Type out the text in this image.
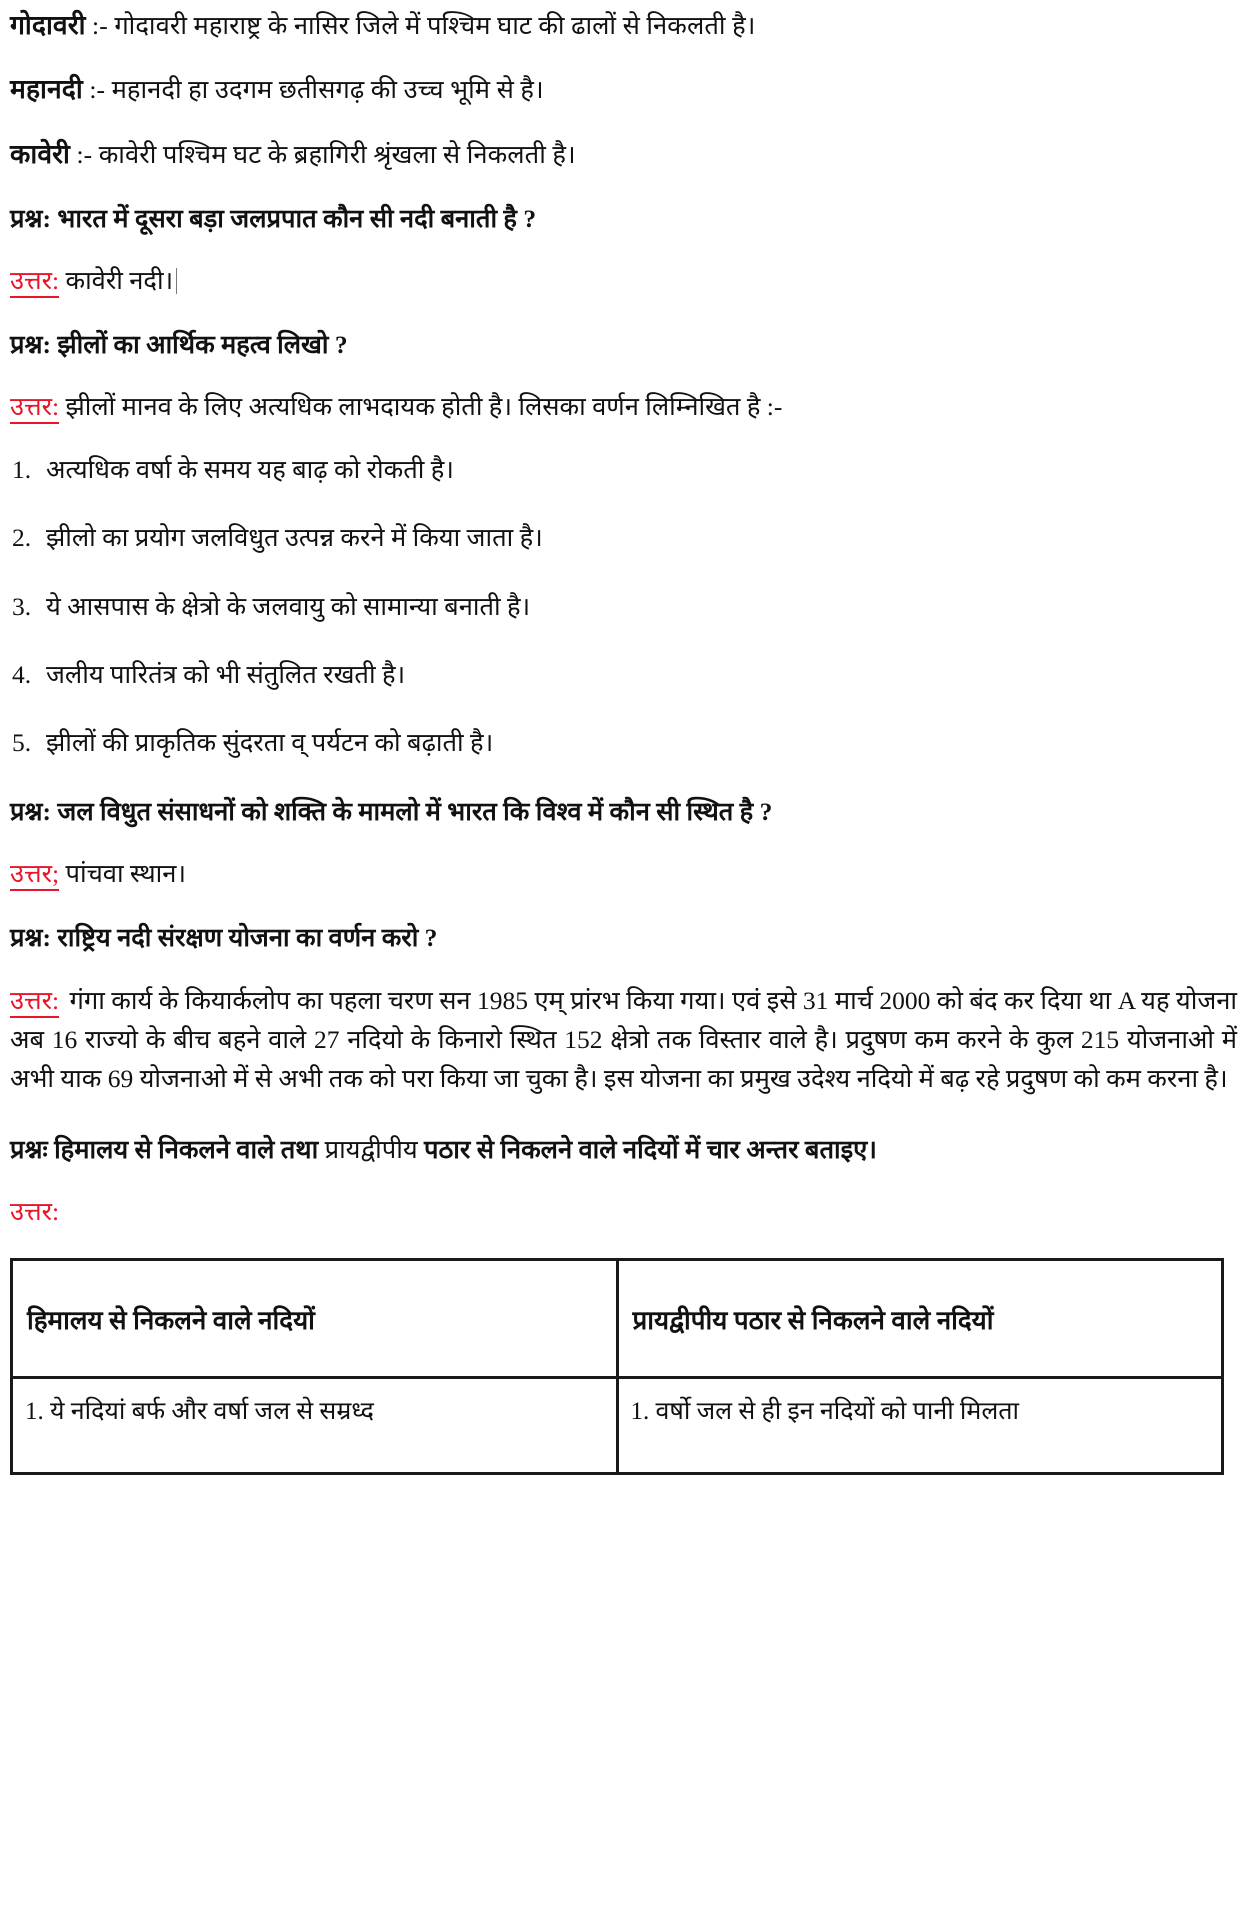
गोदावरी :- गोदावरी महाराष्ट्र के नासिर जिले में पश्चिम घाट की ढालों से निकलती है।

महानदी :- महानदी हा उदगम छतीसगढ़ की उच्च भूमि से है।

कावेरी :- कावेरी पश्चिम घट के ब्रहागिरी श्रृंखला से निकलती है।

प्रश्न: भारत में दूसरा बड़ा जलप्रपात कौन सी नदी बनाती है ?

उत्तर: कावेरी नदी।

प्रश्न: झीलों का आर्थिक महत्व लिखो ?

उत्तर: झीलों मानव के लिए अत्यधिक लाभदायक होती है। लिसका वर्णन लिम्निखित है :-

1. अत्यधिक वर्षा के समय यह बाढ़ को रोकती है।
2. झीलो का प्रयोग जलविधुत उत्पन्न करने में किया जाता है।
3. ये आसपास के क्षेत्रो के जलवायु को सामान्या बनाती है।
4. जलीय पारितंत्र को भी संतुलित रखती है।
5. झीलों की प्राकृतिक सुंदरता व् पर्यटन को बढ़ाती है।

प्रश्न: जल विधुत संसाधनों को शक्ति के मामलो में भारत कि विश्व में कौन सी स्थित है ?

उत्तर; पांचवा स्थान।

प्रश्न: राष्ट्रिय नदी संरक्षण योजना का वर्णन करो ?

उत्तर: गंगा कार्य के कियार्कलोप का पहला चरण सन 1985 एम् प्रांरभ किया गया। एवं इसे 31 मार्च 2000 को बंद कर दिया था A यह योजना अब 16 राज्यो के बीच बहने वाले 27 नदियो के किनारो स्थित 152 क्षेत्रो तक विस्तार वाले है। प्रदुषण कम करने के कुल 215 योजनाओ में अभी याक 69 योजनाओ में से अभी तक को परा किया जा चुका है। इस योजना का प्रमुख उदेश्य नदियो में बढ़ रहे प्रदुषण को कम करना है।

प्रश्नः हिमालय से निकलने वाले तथा प्रायद्वीपीय पठार से निकलने वाले नदियों में चार अन्तर बताइए।

उत्तर:

हिमालय से निकलने वाले नदियों	प्रायद्वीपीय पठार से निकलने वाले नदियों
1. ये नदियां बर्फ और वर्षा जल से सम्रध्द	1. वर्षो जल से ही इन नदियों को पानी मिलता
